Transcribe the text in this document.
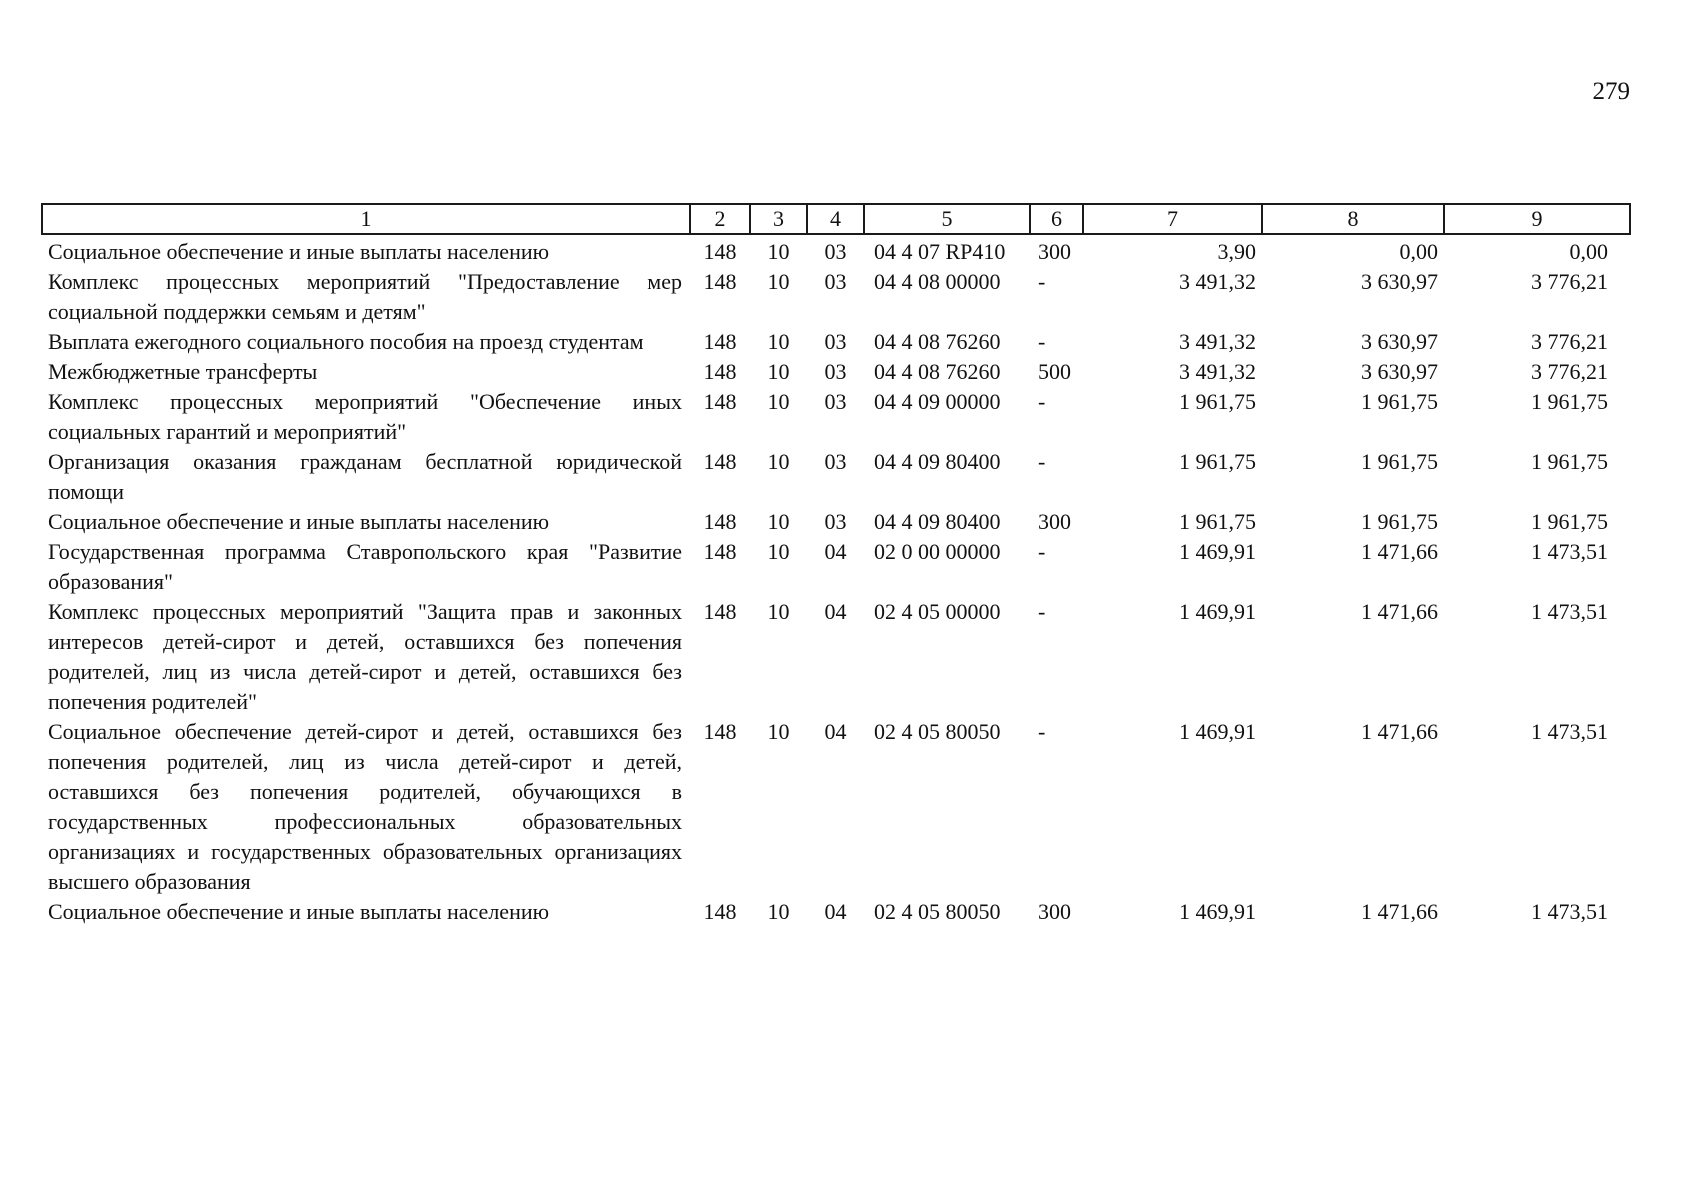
279
1	2	3	4	5	6	7	8	9
Социальное обеспечение и иные выплаты населению	148	10	03	04 4 07 RP410	300	3,90	0,00	0,00
Комплекс процессных мероприятий "Предоставление мер социальной поддержки семьям и детям"	148	10	03	04 4 08 00000	-	3 491,32	3 630,97	3 776,21
Выплата ежегодного социального пособия на проезд студентам	148	10	03	04 4 08 76260	-	3 491,32	3 630,97	3 776,21
Межбюджетные трансферты	148	10	03	04 4 08 76260	500	3 491,32	3 630,97	3 776,21
Комплекс процессных мероприятий "Обеспечение иных социальных гарантий и мероприятий"	148	10	03	04 4 09 00000	-	1 961,75	1 961,75	1 961,75
Организация оказания гражданам бесплатной юридической помощи	148	10	03	04 4 09 80400	-	1 961,75	1 961,75	1 961,75
Социальное обеспечение и иные выплаты населению	148	10	03	04 4 09 80400	300	1 961,75	1 961,75	1 961,75
Государственная программа Ставропольского края "Развитие образования"	148	10	04	02 0 00 00000	-	1 469,91	1 471,66	1 473,51
Комплекс процессных мероприятий "Защита прав и законных интересов детей-сирот и детей, оставшихся без попечения родителей, лиц из числа детей-сирот и детей, оставшихся без попечения родителей"	148	10	04	02 4 05 00000	-	1 469,91	1 471,66	1 473,51
Социальное обеспечение детей-сирот и детей, оставшихся без попечения родителей, лиц из числа детей-сирот и детей, оставшихся без попечения родителей, обучающихся в государственных профессиональных образовательных организациях и государственных образовательных организациях высшего образования	148	10	04	02 4 05 80050	-	1 469,91	1 471,66	1 473,51
Социальное обеспечение и иные выплаты населению	148	10	04	02 4 05 80050	300	1 469,91	1 471,66	1 473,51
